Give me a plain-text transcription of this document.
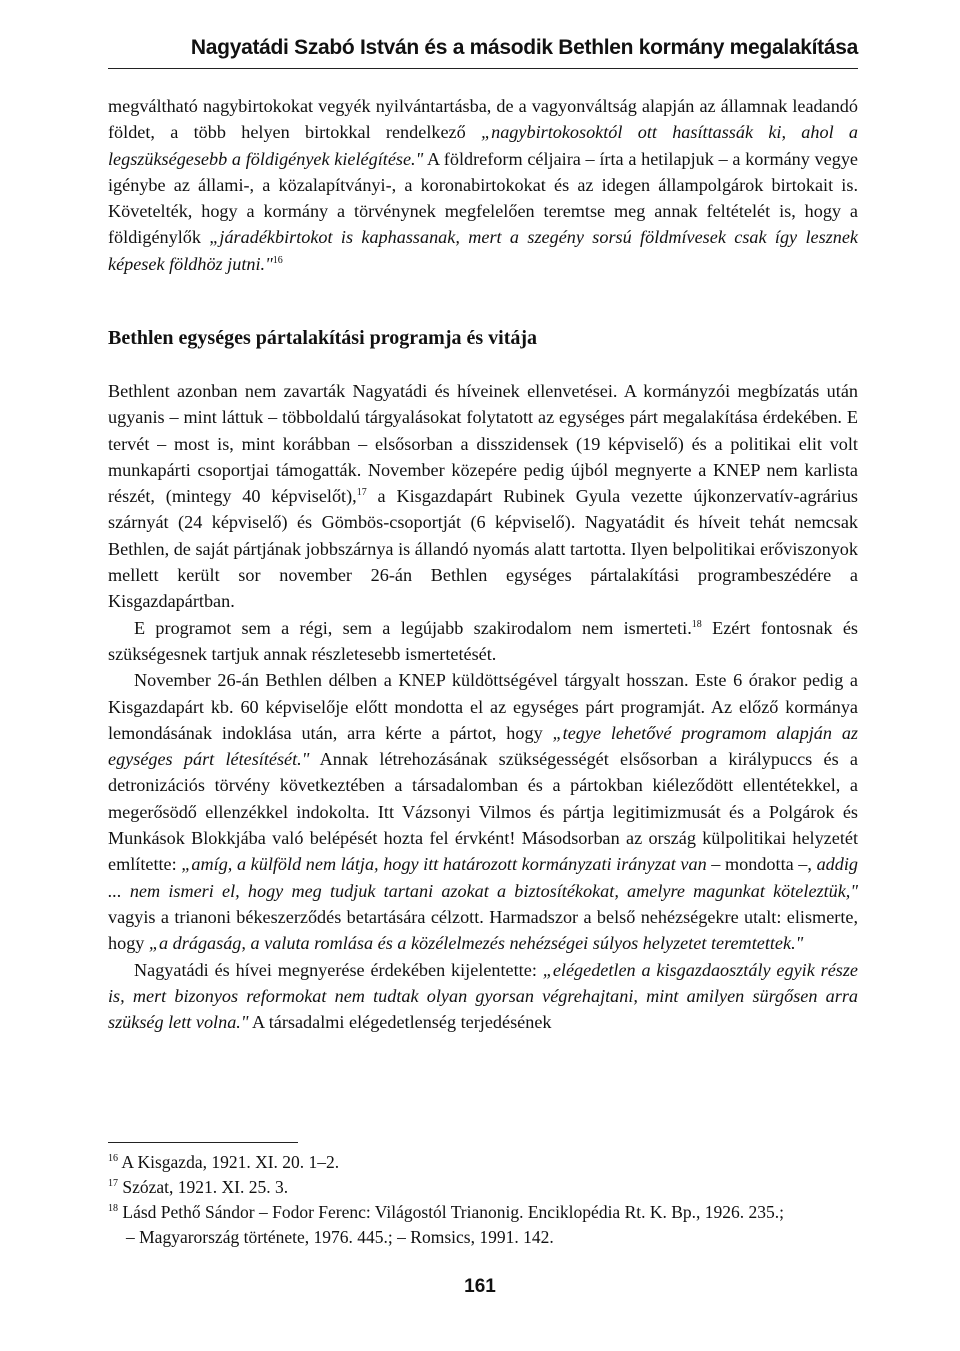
Nagyatádi Szabó István és a második Bethlen kormány megalakítása

megváltható nagybirtokokat vegyék nyilvántartásba, de a vagyonváltság alapján az államnak leadandó földet, a több helyen birtokkal rendelkező „nagybirtokosoktól ott hasíttassák ki, ahol a legszükségesebb a földigények kielégítése." A földreform céljaira – írta a hetilapjuk – a kormány vegye igénybe az állami-, a közalapítványi-, a koronabirtokokat és az idegen állampolgárok birtokait is. Követelték, hogy a kormány a törvénynek megfelelően teremtse meg annak feltételét is, hogy a földigénylők „járadékbirtokot is kaphassanak, mert a szegény sorsú földmívesek csak így lesznek képesek földhöz jutni."$^{16}$

Bethlen egységes pártalakítási programja és vitája

Bethlent azonban nem zavarták Nagyatádi és híveinek ellenvetései. A kormányzói megbízatás után ugyanis – mint láttuk – többoldalú tárgyalásokat folytatott az egységes párt megalakítása érdekében. E tervét – most is, mint korábban – elsősorban a disszidensek (19 képviselő) és a politikai elit volt munkapárti csoportjai támogatták. November közepére pedig újból megnyerte a KNEP nem karlista részét, (mintegy 40 képviselőt),$^{17}$ a Kisgazdapárt Rubinek Gyula vezette újkonzervatív-agrárius szárnyát (24 képviselő) és Gömbös-csoportját (6 képviselő). Nagyatádit és híveit tehát nemcsak Bethlen, de saját pártjának jobbszárnya is állandó nyomás alatt tartotta. Ilyen belpolitikai erőviszonyok mellett került sor november 26-án Bethlen egységes pártalakítási programbeszédére a Kisgazdapártban.

E programot sem a régi, sem a legújabb szakirodalom nem ismerteti.$^{18}$ Ezért fontosnak és szükségesnek tartjuk annak részletesebb ismertetését.

November 26-án Bethlen délben a KNEP küldöttségével tárgyalt hosszan. Este 6 órakor pedig a Kisgazdapárt kb. 60 képviselője előtt mondotta el az egységes párt programját. Az előző kormánya lemondásának indoklása után, arra kérte a pártot, hogy „tegye lehetővé programom alapján az egységes párt létesítését." Annak létrehozásának szükségességét elsősorban a királypuccs és a detronizációs törvény következtében a társadalomban és a pártokban kiéleződött ellentétekkel, a megerősödő ellenzékkel indokolta. Itt Vázsonyi Vilmos és pártja legitimizmusát és a Polgárok és Munkások Blokkjába való belépését hozta fel érvként! Másodsorban az ország külpolitikai helyzetét említette: „amíg, a külföld nem látja, hogy itt határozott kormányzati irányzat van – mondotta –, addig ... nem ismeri el, hogy meg tudjuk tartani azokat a biztosítékokat, amelyre magunkat köteleztük," vagyis a trianoni békeszerződés betartására célzott. Harmadszor a belső nehézségekre utalt: elismerte, hogy „a drágaság, a valuta romlása és a közélelmezés nehézségei súlyos helyzetet teremtettek."

Nagyatádi és hívei megnyerése érdekében kijelentette: „elégedetlen a kisgazdaosztály egyik része is, mert bizonyos reformokat nem tudtak olyan gyorsan végrehajtani, mint amilyen sürgősen arra szükség lett volna." A társadalmi elégedetlenség terjedésének

$^{16}$ A Kisgazda, 1921. XI. 20. 1–2.

$^{17}$ Szózat, 1921. XI. 25. 3.

$^{18}$ Lásd Pethő Sándor – Fodor Ferenc: Világostól Trianonig. Enciklopédia Rt. K. Bp., 1926. 235.;

– Magyarország története, 1976. 445.; – Romsics, 1991. 142.

161
